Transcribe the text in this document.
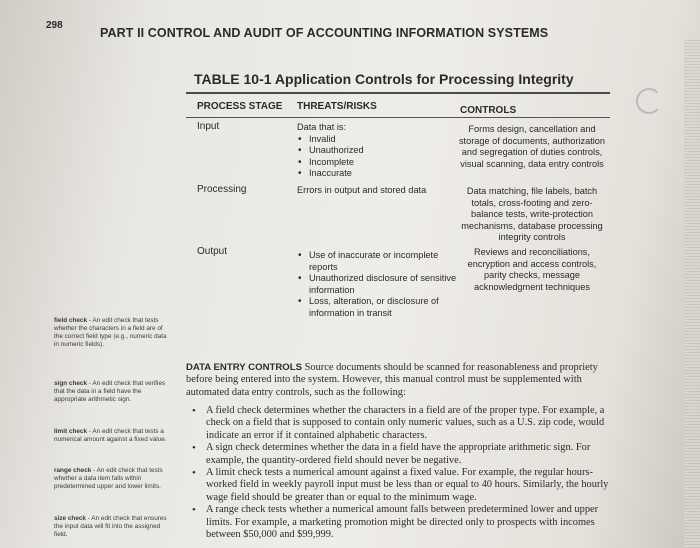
298
PART II CONTROL AND AUDIT OF ACCOUNTING INFORMATION SYSTEMS
TABLE 10-1 Application Controls for Processing Integrity
PROCESS STAGE THREATS/RISKS	CONTROLS
Input	Data that is:
• Invalid
• Unauthorized
• Incomplete
• Inaccurate
Forms design, cancellation and storage of documents, authorization and segregation of duties controls, visual scanning, data entry controls
Processing	Errors in output and stored data	Data matching, file labels, batch totals, cross-footing and zero-balance tests, write-protection mechanisms, database processing integrity controls
Output
•	Use of inaccurate or incomplete reports
• Unauthorized disclosure of sensitive information
• Loss, alteration, or disclosure of information in transit
Reviews and reconciliations, encryption and access controls, parity checks, message acknowledgment techniques
field check - An edit check that tests whether the characters in a field are of the correct field type (e.g., numeric data in numeric fields).
sign check - An edit check that verifies that the data in a field have the appropriate arithmetic sign.
limit check - An edit check that tests a numerical amount against a fixed value.
range check - An edit check that tests whether a data item falls within predetermined upper and lower limits.
size check - An edit check that ensures the input data will fit into the assigned field.
DATA ENTRY CONTROLS Source documents should be scanned for reasonableness and propriety before being entered into the system. However, this manual control must be supplemented with automated data entry controls, such as the following:
• A field check determines whether the characters in a field are of the proper type. For example, a check on a field that is supposed to contain only numeric values, such as a U.S. zip code, would indicate an error if it contained alphabetic characters.
• A sign check determines whether the data in a field have the appropriate arithmetic sign. For example, the quantity-ordered field should never be negative.
• A limit check tests a numerical amount against a fixed value. For example, the regular hours-worked field in weekly payroll input must be less than or equal to 40 hours. Similarly, the hourly wage field should be greater than or equal to the minimum wage.
• A range check tests whether a numerical amount falls between predetermined lower and upper limits. For example, a marketing promotion might be directed only to prospects with incomes between $50,000 and $99,999.
